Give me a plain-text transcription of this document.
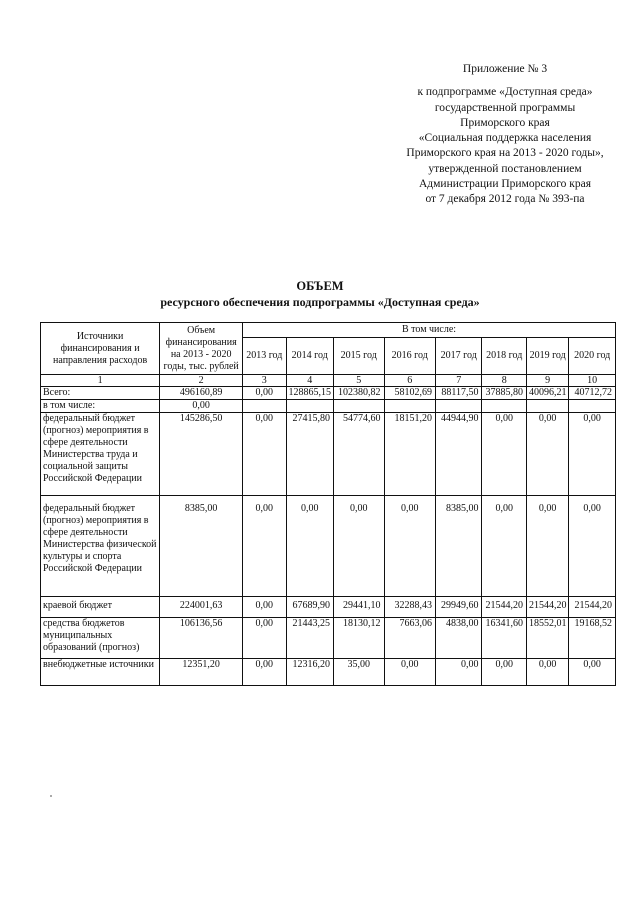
Приложение № 3
к подпрограмме «Доступная среда»
государственной программы
Приморского края
«Социальная поддержка населения
Приморского края на 2013 - 2020 годы»,
утвержденной постановлением
Администрации Приморского края
от 7 декабря 2012 года № 393-па
ОБЪЕМ
ресурсного обеспечения подпрограммы «Доступная среда»
Источники финансирования и направления расходов	Объем финансирования на 2013 - 2020 годы, тыс. рублей	В том числе:							
		2013 год	2014 год	2015 год	2016 год	2017 год	2018 год	2019 год	2020 год
1	2	3	4	5	6	7	8	9	10
Всего:	496160,89	0,00	128865,15	102380,82	58102,69	88117,50	37885,80	40096,21	40712,72
в том числе:	0,00								
федеральный бюджет (прогноз) мероприятия в сфере деятельности Министерства труда и социальной защиты Российской Федерации	145286,50	0,00	27415,80	54774,60	18151,20	44944,90	0,00	0,00	0,00
федеральный бюджет (прогноз) мероприятия в сфере деятельности Министерства физической культуры и спорта Российской Федерации	8385,00	0,00	0,00	0,00	0,00	8385,00	0,00	0,00	0,00
краевой бюджет	224001,63	0,00	67689,90	29441,10	32288,43	29949,60	21544,20	21544,20	21544,20
средства бюджетов муниципальных образований (прогноз)	106136,56	0,00	21443,25	18130,12	7663,06	4838,00	16341,60	18552,01	19168,52
внебюджетные источники	12351,20	0,00	12316,20	35,00	0,00	0,00	0,00	0,00	0,00
